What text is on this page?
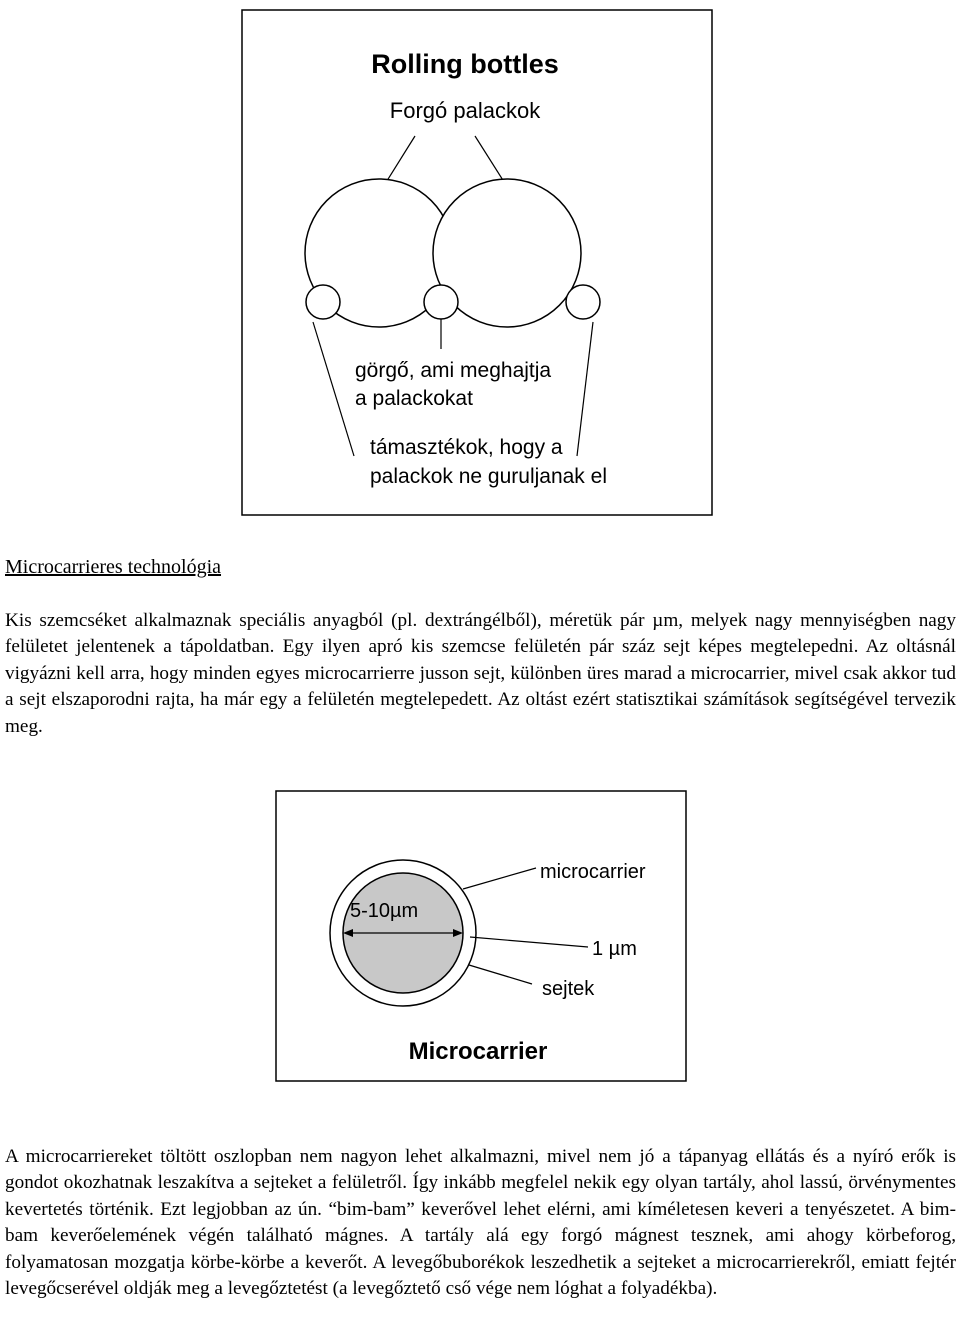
Rolling bottles
Forgó palackok
görgő, ami meghajtja
a palackokat
támasztékok, hogy a
palackok ne guruljanak el
Microcarrieres technológia

Kis szemcséket alkalmaznak speciális anyagból (pl. dextrángélből), méretük pár µm, melyek nagy mennyiségben nagy felületet jelentenek a tápoldatban. Egy ilyen apró kis szemcse felületén pár száz sejt képes megtelepedni. Az oltásnál vigyázni kell arra, hogy minden egyes microcarrierre jusson sejt, különben üres marad a microcarrier, mivel csak akkor tud a sejt elszaporodni rajta, ha már egy a felületén megtelepedett. Az oltást ezért statisztikai számítások segítségével tervezik meg.

5-10µm
microcarrier
1 µm
sejtek
Microcarrier

A microcarriereket töltött oszlopban nem nagyon lehet alkalmazni, mivel nem jó a tápanyag ellátás és a nyíró erők is gondot okozhatnak leszakítva a sejteket a felületről. Így inkább megfelel nekik egy olyan tartály, ahol lassú, örvénymentes kevertetés történik. Ezt legjobban az ún. “bim-bam” keverővel lehet elérni, ami kíméletesen keveri a tenyészetet. A bim-bam keverőelemének végén található mágnes. A tartály alá egy forgó mágnest tesznek, ami ahogy körbeforog, folyamatosan mozgatja körbe-körbe a keverőt. A levegőbuborékok leszedhetik a sejteket a microcarrierekről, emiatt fejtér levegőcserével oldják meg a levegőztetést (a levegőztető cső vége nem lóghat a folyadékba).
